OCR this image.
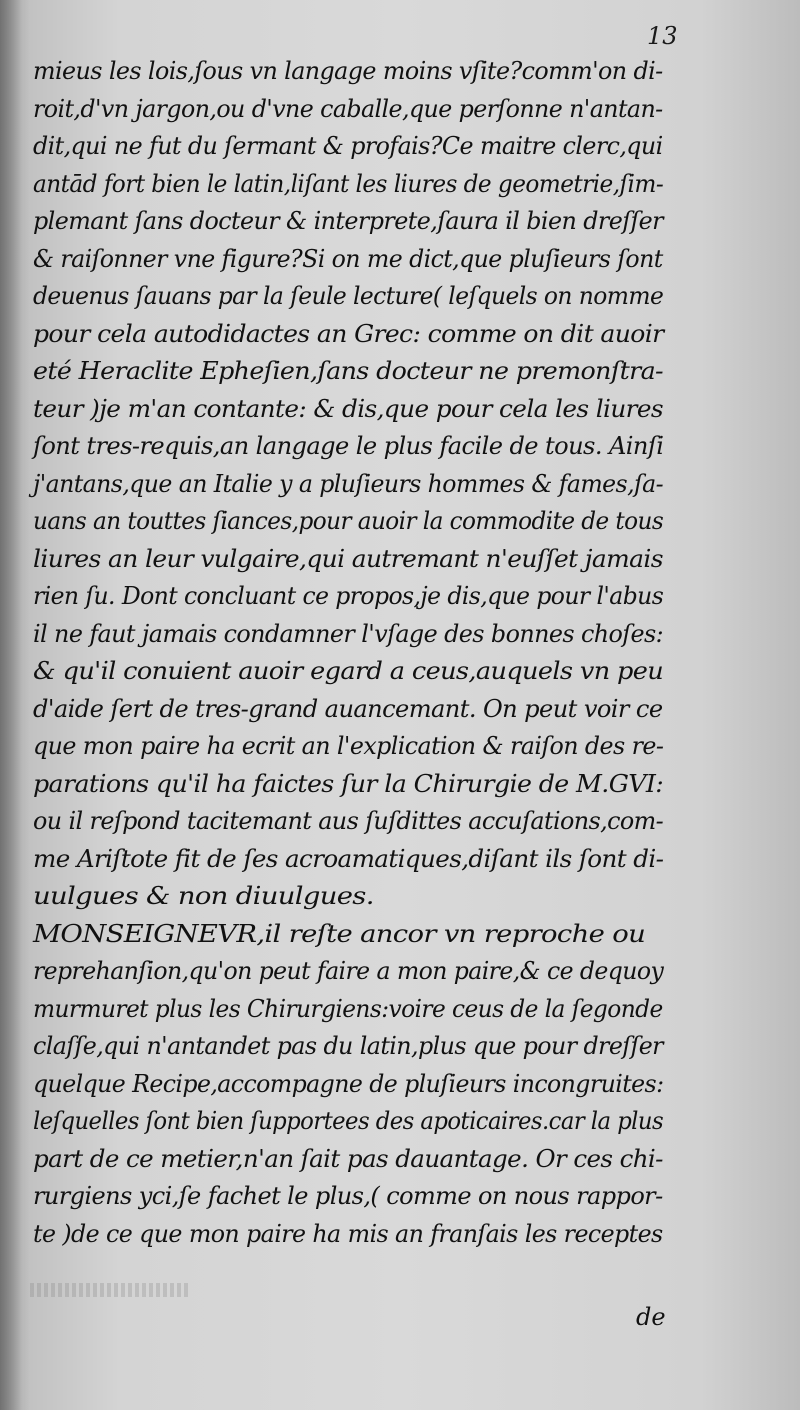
13
mieus les lois,ſous vn langage moins vſite?comm'on di-
roit,d'vn jargon,ou d'vne caballe,que perſonne n'antan-
dit,qui ne fut du ſermant & profais?Ce maitre clerc,qui
antād fort bien le latin,liſant les liures de geometrie,ſim-
plemant ſans docteur & interprete,ſaura il bien dreſſer
& raiſonner vne figure?Si on me dict,que pluſieurs ſont
deuenus ſauans par la ſeule lecture( leſquels on nomme
pour cela autodidactes an Grec: comme on dit auoir
eté Heraclite Epheſien,ſans docteur ne premonſtra-
teur )je m'an contante: & dis,que pour cela les liures
ſont tres-requis,an langage le plus facile de tous. Ainſi
j'antans,que an Italie y a pluſieurs hommes & fames,ſa-
uans an touttes ſiances,pour auoir la commodite de tous
liures an leur vulgaire,qui autremant n'euſſet jamais
rien ſu. Dont concluant ce propos,je dis,que pour l'abus
il ne faut jamais condamner l'vſage des bonnes choſes:
& qu'il conuient auoir egard a ceus,auquels vn peu
d'aide ſert de tres-grand auancemant. On peut voir ce
que mon paire ha ecrit an l'explication & raiſon des re-
parations qu'il ha faictes ſur la Chirurgie de M.GVI:
ou il reſpond tacitemant aus ſuſdittes accuſations,com-
me Ariſtote fit de ſes acroamatiques,diſant ils ſont di-
uulgues & non diuulgues.
MONSEIGNEVR,il reſte ancor vn reproche ou
reprehanſion,qu'on peut faire a mon paire,& ce dequoy
murmuret plus les Chirurgiens:voire ceus de la ſegonde
claſſe,qui n'antandet pas du latin,plus que pour dreſſer
quelque Recipe,accompagne de pluſieurs incongruites:
leſquelles ſont bien ſupportees des apoticaires.car la plus
part de ce metier,n'an ſait pas dauantage. Or ces chi-
rurgiens yci,ſe fachet le plus,( comme on nous rappor-
te )de ce que mon paire ha mis an franſais les receptes
de
